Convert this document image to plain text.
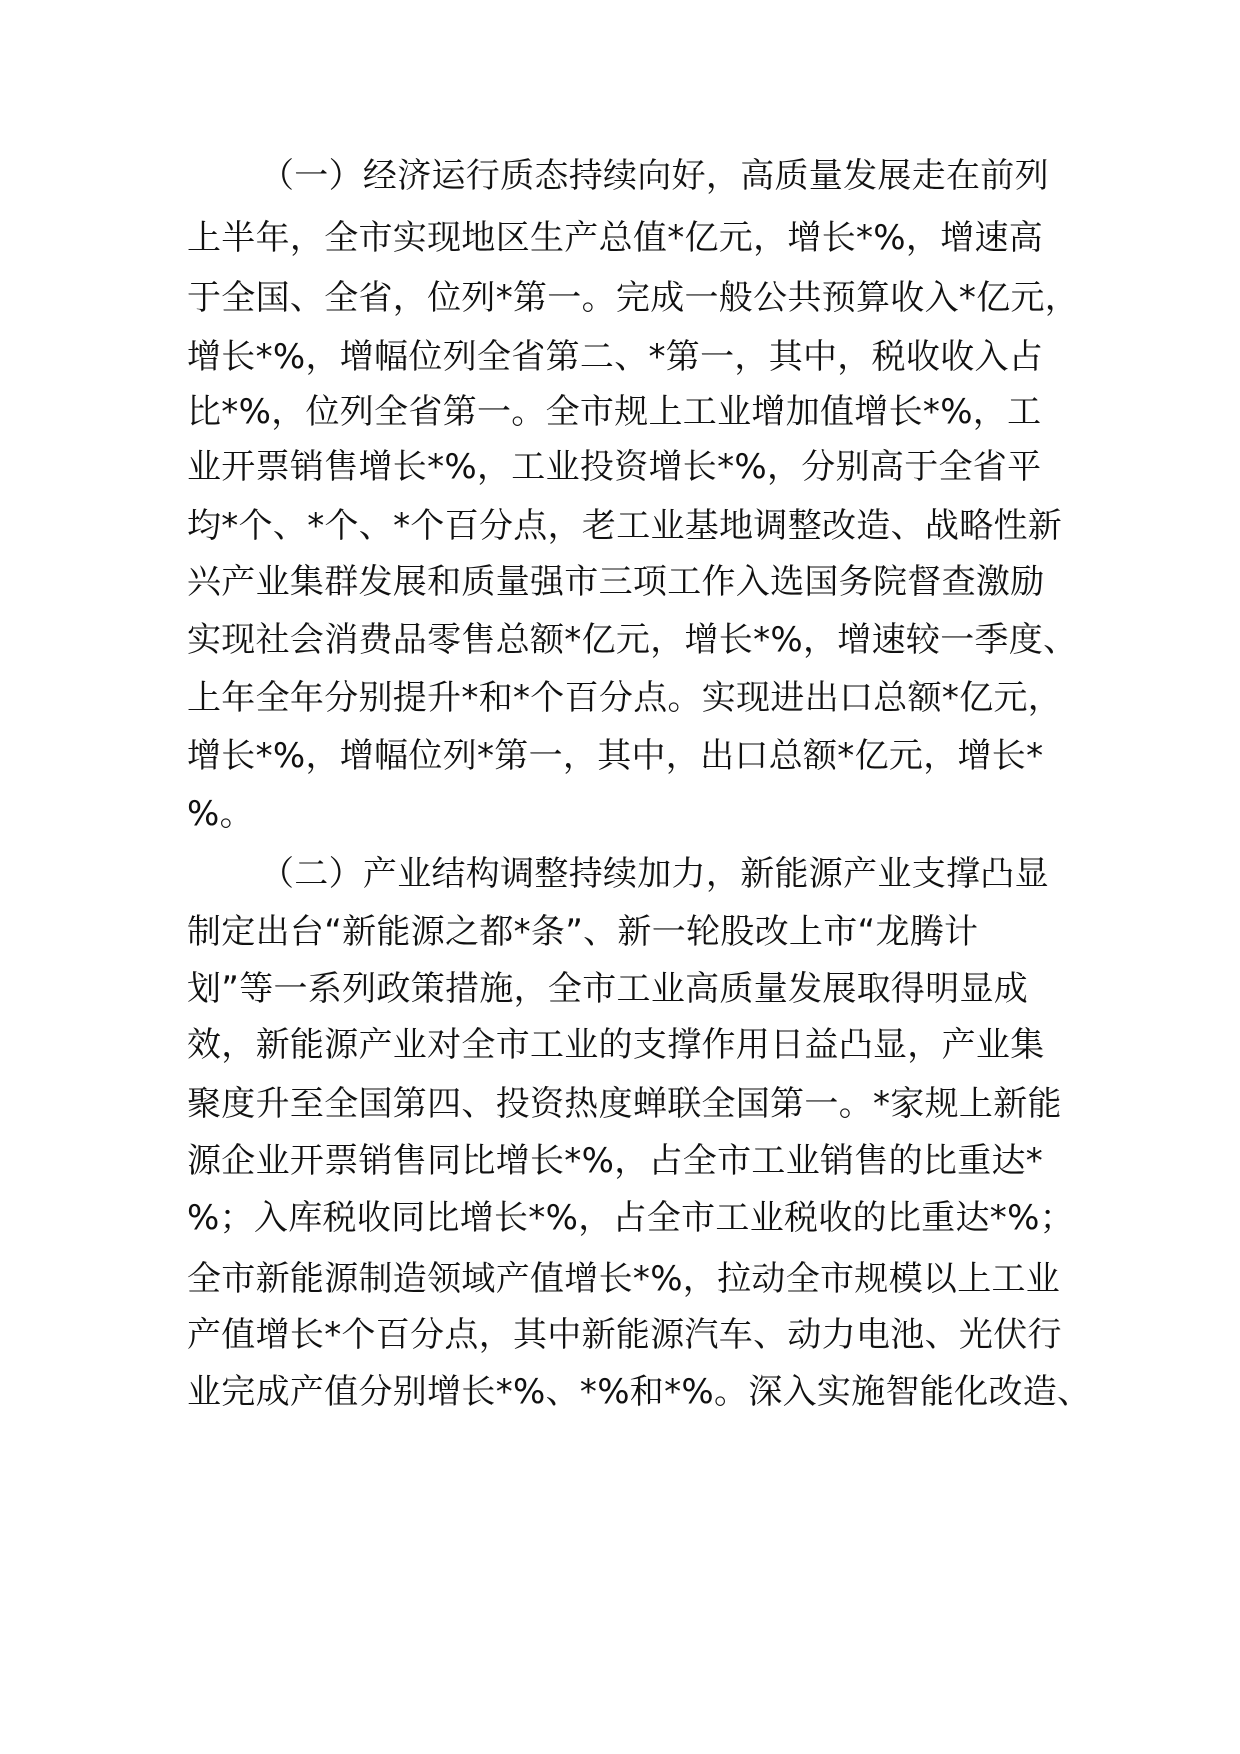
（一）经济运行质态持续向好，高质量发展走在前列
上半年，全市实现地区生产总值*亿元，增长*%，增速高
于全国、全省，位列*第一。完成一般公共预算收入*亿元，
增长*%，增幅位列全省第二、*第一，其中，税收收入占
比*%，位列全省第一。全市规上工业增加值增长*%，工
业开票销售增长*%，工业投资增长*%，分别高于全省平
均*个、*个、*个百分点，老工业基地调整改造、战略性新
兴产业集群发展和质量强市三项工作入选国务院督查激励
实现社会消费品零售总额*亿元，增长*%，增速较一季度、
上年全年分别提升*和*个百分点。实现进出口总额*亿元，
增长*%，增幅位列*第一，其中，出口总额*亿元，增长*
%。
（二）产业结构调整持续加力，新能源产业支撑凸显
制定出台“新能源之都*条”、新一轮股改上市“龙腾计
划”等一系列政策措施，全市工业高质量发展取得明显成
效，新能源产业对全市工业的支撑作用日益凸显，产业集
聚度升至全国第四、投资热度蝉联全国第一。*家规上新能
源企业开票销售同比增长*%，占全市工业销售的比重达*
%；入库税收同比增长*%，占全市工业税收的比重达*%；
全市新能源制造领域产值增长*%，拉动全市规模以上工业
产值增长*个百分点，其中新能源汽车、动力电池、光伏行
业完成产值分别增长*%、*%和*%。深入实施智能化改造、
